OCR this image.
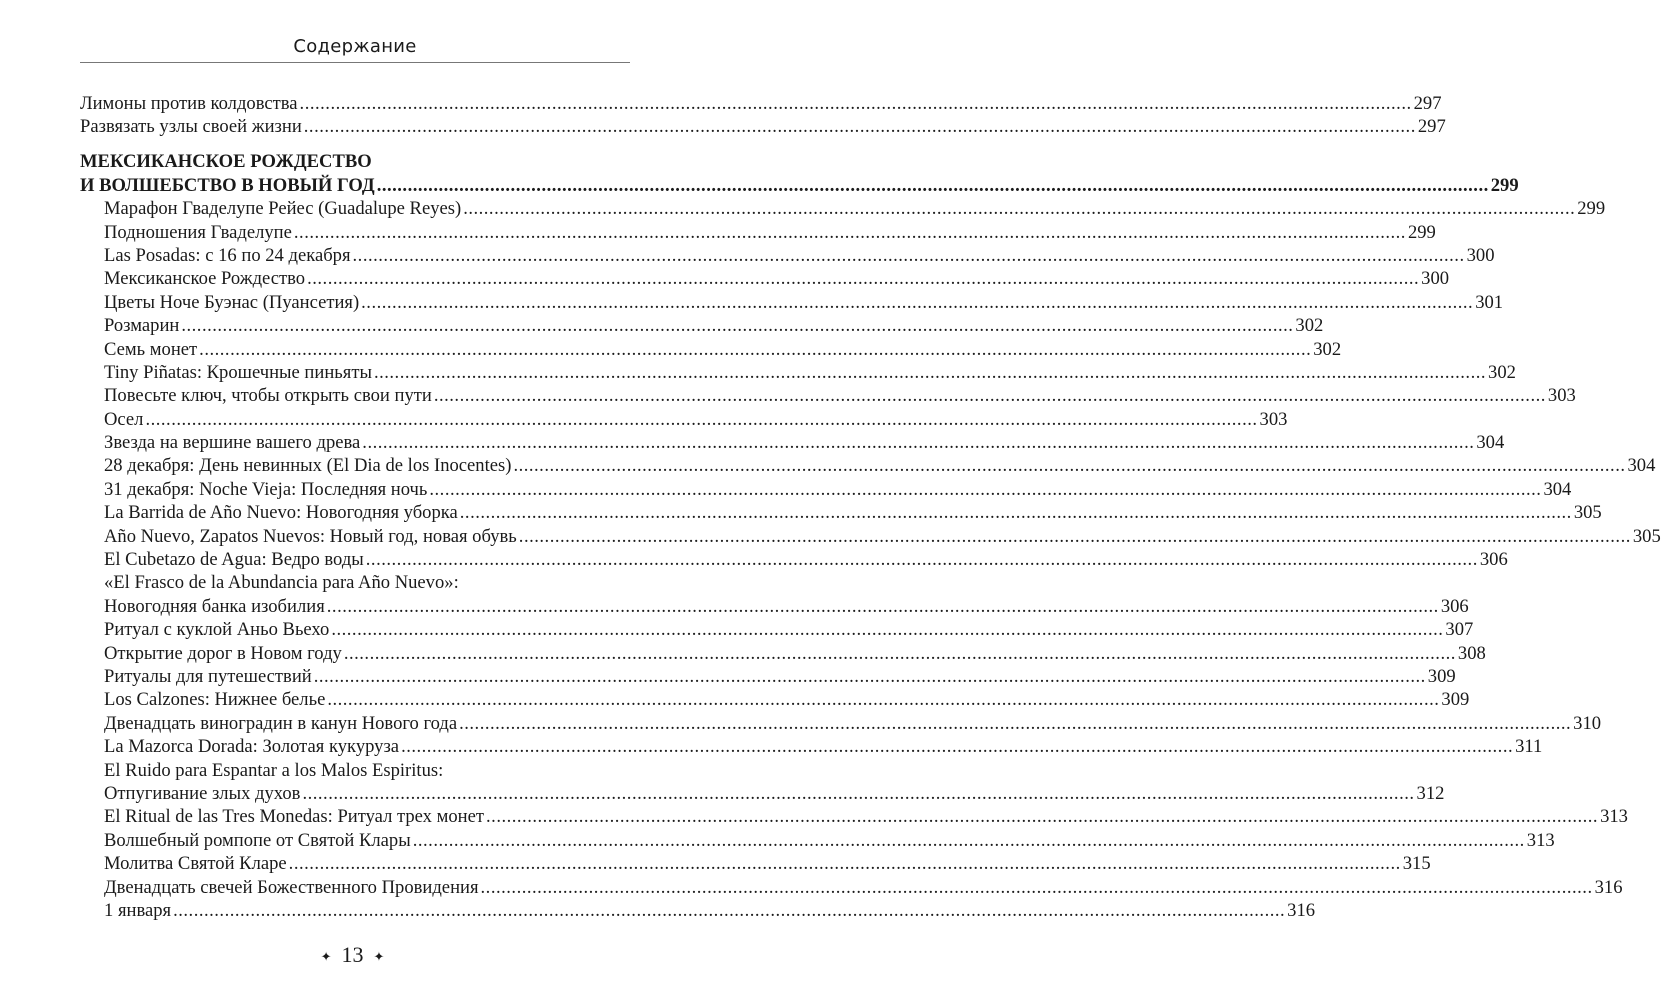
Содержание
Лимоны против колдовства .....	297
Развязать узлы своей жизни .....	297
МЕКСИКАНСКОЕ РОЖДЕСТВО
И ВОЛШЕБСТВО В НОВЫЙ ГОД .....	299
Марафон Гваделупе Рейес (Guadalupe Reyes) .....	299
Подношения Гваделупе .....	299
Las Posadas: с 16 по 24 декабря .....	300
Мексиканское Рождество .....	300
Цветы Ноче Буэнас (Пуансетия) .....	301
Розмарин .....	302
Семь монет .....	302
Tiny Piñatas: Крошечные пиньяты .....	302
Повесьте ключ, чтобы открыть свои пути .....	303
Осел .....	303
Звезда на вершине вашего древа .....	304
28 декабря: День невинных (El Dia de los Inocentes) .....	304
31 декабря: Noche Vieja: Последняя ночь .....	304
La Barrida de Año Nuevo: Новогодняя уборка .....	305
Año Nuevo, Zapatos Nuevos: Новый год, новая обувь .....	305
El Cubetazo de Agua: Ведро воды .....	306
«El Frasco de la Abundancia para Año Nuevo»:
Новогодняя банка изобилия .....	306
Ритуал с куклой Аньо Вьехо .....	307
Открытие дорог в Новом году .....	308
Ритуалы для путешествий .....	309
Los Calzones: Нижнее белье .....	309
Двенадцать виноградин в канун Нового года .....	310
La Mazorca Dorada: Золотая кукуруза .....	311
El Ruido para Espantar a los Malos Espiritus:
Отпугивание злых духов .....	312
El Ritual de las Tres Monedas: Ритуал трех монет .....	313
Волшебный ромпопе от Святой Клары .....	313
Молитва Святой Кларе .....	315
Двенадцать свечей Божественного Провидения .....	316
1 января .....	316
✦ 13 ✦
